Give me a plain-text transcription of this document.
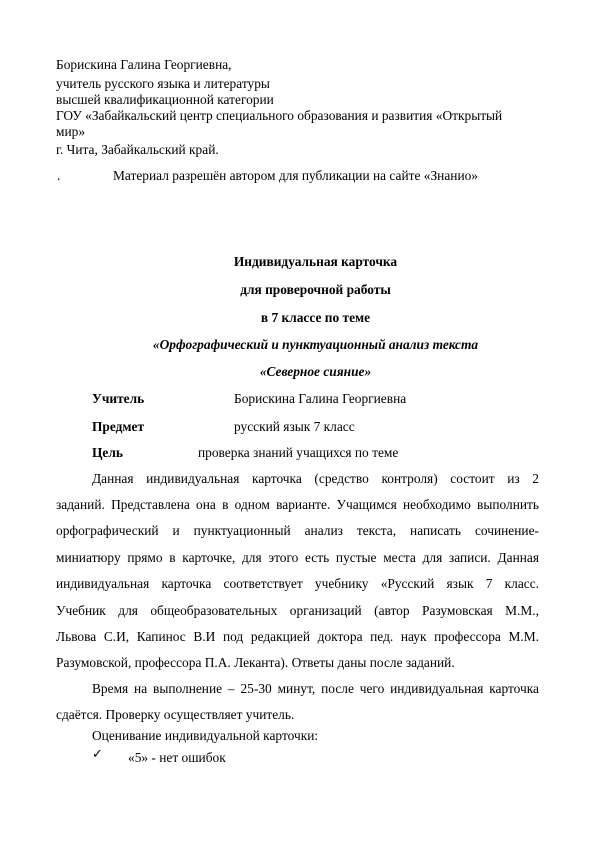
Борискина Галина Георгиевна,
учитель русского языка и литературы
высшей квалификационной категории
ГОУ «Забайкальский центр специального образования и развития «Открытый
мир»
г. Чита, Забайкальский край.
.	Материал разрешён автором для публикации на сайте «Знанио»
Индивидуальная карточка
для проверочной работы
в 7 классе по теме
«Орфографический и пунктуационный анализ текста
«Северное сияние»
Учитель	Борискина Галина Георгиевна
Предмет	русский язык 7 класс
Цель	проверка знаний учащихся по теме
Данная индивидуальная карточка (средство контроля) состоит из 2
заданий. Представлена она в одном варианте. Учащимся необходимо выполнить
орфографический и пунктуационный анализ текста, написать сочинение-
миниатюру прямо в карточке, для этого есть пустые места для записи. Данная
индивидуальная карточка соответствует учебнику «Русский язык 7 класс.
Учебник для общеобразовательных организаций (автор Разумовская М.М.,
Львова С.И, Капинос В.И под редакцией доктора пед. наук профессора М.М.
Разумовской, профессора П.А. Леканта). Ответы даны после заданий.
Время на выполнение – 25-30 минут, после чего индивидуальная карточка
сдаётся. Проверку осуществляет учитель.
Оценивание индивидуальной карточки:
✓ «5» - нет ошибок
